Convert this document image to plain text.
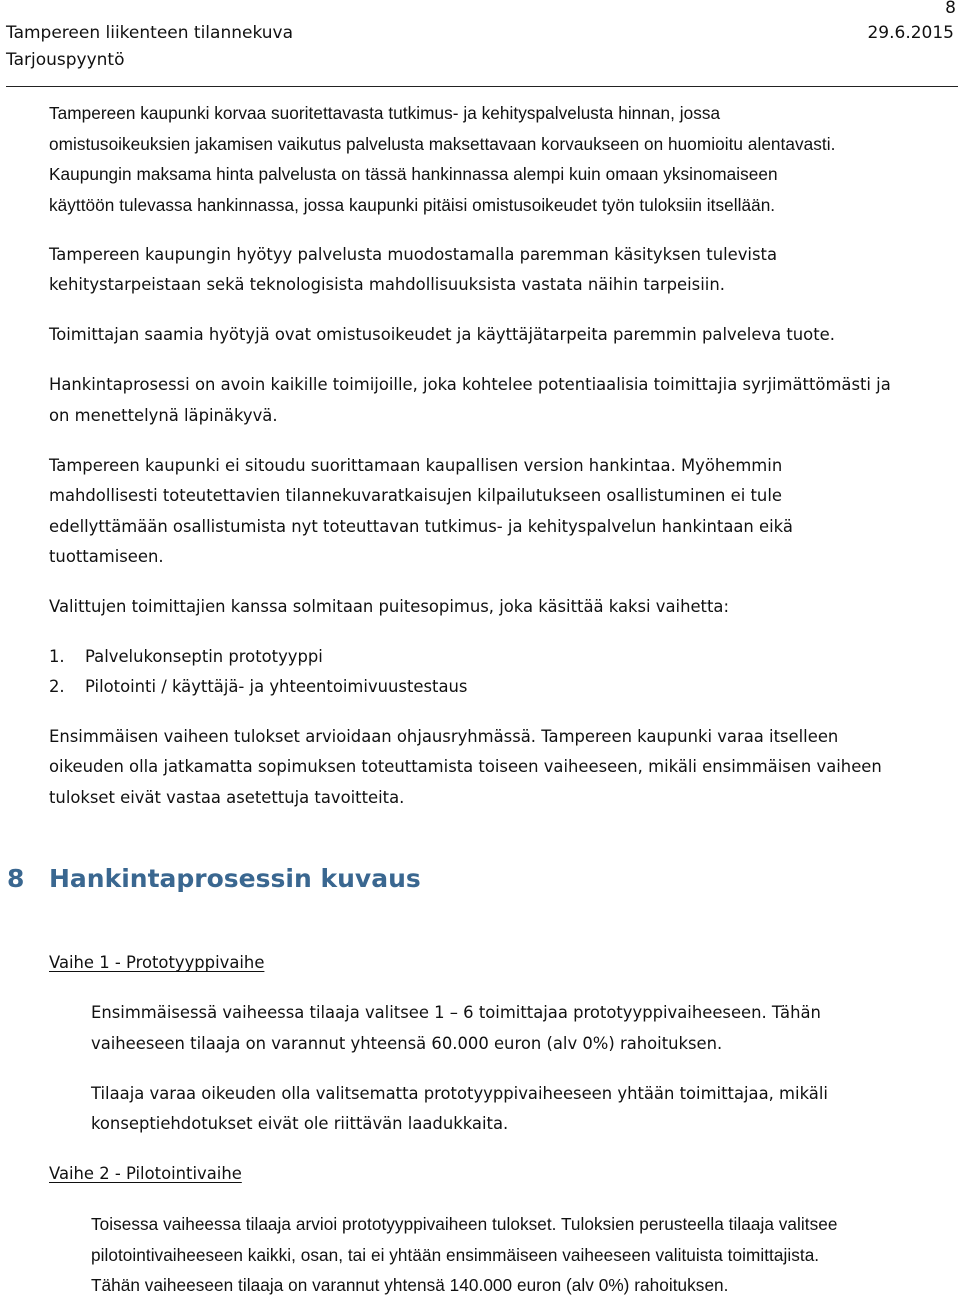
8
Tampereen liikenteen tilannekuva
Tarjouspyyntö
29.6.2015

Tampereen kaupunki korvaa suoritettavasta tutkimus- ja kehityspalvelusta hinnan, jossa

omistusoikeuksien jakamisen vaikutus palvelusta maksettavaan korvaukseen on huomioitu alentavasti.

Kaupungin maksama hinta palvelusta on tässä hankinnassa alempi kuin omaan yksinomaiseen

käyttöön tulevassa hankinnassa, jossa kaupunki pitäisi omistusoikeudet työn tuloksiin itsellään.

Tampereen kaupungin hyötyy palvelusta muodostamalla paremman käsityksen tulevista

kehitystarpeistaan sekä teknologisista mahdollisuuksista vastata näihin tarpeisiin.

Toimittajan saamia hyötyjä ovat omistusoikeudet ja käyttäjätarpeita paremmin palveleva tuote.

Hankintaprosessi on avoin kaikille toimijoille, joka kohtelee potentiaalisia toimittajia syrjimättömästi ja

on menettelynä läpinäkyvä.

Tampereen kaupunki ei sitoudu suorittamaan kaupallisen version hankintaa. Myöhemmin

mahdollisesti toteutettavien tilannekuvaratkaisujen kilpailutukseen osallistuminen ei tule

edellyttämään osallistumista nyt toteuttavan tutkimus- ja kehityspalvelun hankintaan eikä

tuottamiseen.

Valittujen toimittajien kanssa solmitaan puitesopimus, joka käsittää kaksi vaihetta:

1.	Palvelukonseptin prototyyppi
2.	Pilotointi / käyttäjä- ja yhteentoimivuustestaus

Ensimmäisen vaiheen tulokset arvioidaan ohjausryhmässä. Tampereen kaupunki varaa itselleen

oikeuden olla jatkamatta sopimuksen toteuttamista toiseen vaiheeseen, mikäli ensimmäisen vaiheen

tulokset eivät vastaa asetettuja tavoitteita.

8 Hankintaprosessin kuvaus
Vaihe 1 - Prototyyppivaihe

Ensimmäisessä vaiheessa tilaaja valitsee 1 – 6 toimittajaa prototyyppivaiheeseen. Tähän

vaiheeseen tilaaja on varannut yhteensä 60.000 euron (alv 0%) rahoituksen.

Tilaaja varaa oikeuden olla valitsematta prototyyppivaiheeseen yhtään toimittajaa, mikäli

konseptiehdotukset eivät ole riittävän laadukkaita.

Vaihe 2 - Pilotointivaihe

Toisessa vaiheessa tilaaja arvioi prototyyppivaiheen tulokset. Tuloksien perusteella tilaaja valitsee

pilotointivaiheeseen kaikki, osan, tai ei yhtään ensimmäiseen vaiheeseen valituista toimittajista.

Tähän vaiheeseen tilaaja on varannut yhtensä 140.000 euron (alv 0%) rahoituksen.
